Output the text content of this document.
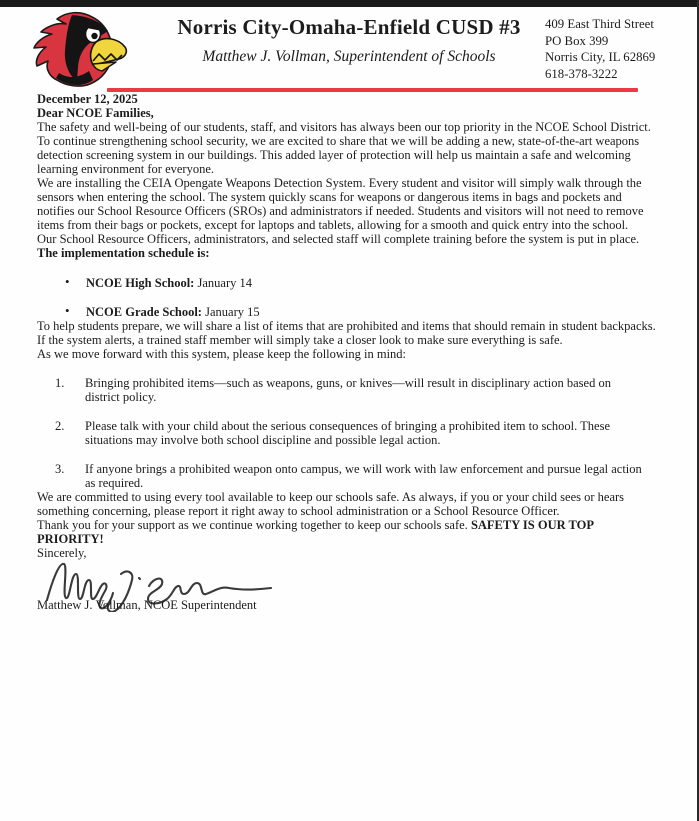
Norris City-Omaha-Enfield CUSD #3
Matthew J. Vollman, Superintendent of Schools
409 East Third Street
PO Box 399
Norris City, IL 62869
618-378-3222

December 12, 2025

Dear NCOE Families,

The safety and well-being of our students, staff, and visitors has always been our top priority in the NCOE School District. To continue strengthening school security, we are excited to share that we will be adding a new, state-of-the-art weapons detection screening system in our buildings. This added layer of protection will help us maintain a safe and welcoming learning environment for everyone.

We are installing the CEIA Opengate Weapons Detection System. Every student and visitor will simply walk through the sensors when entering the school. The system quickly scans for weapons or dangerous items in bags and pockets and notifies our School Resource Officers (SROs) and administrators if needed. Students and visitors will not need to remove items from their bags or pockets, except for laptops and tablets, allowing for a smooth and quick entry into the school.

Our School Resource Officers, administrators, and selected staff will complete training before the system is put in place. The implementation schedule is:

• NCOE High School: January 14
• NCOE Grade School: January 15

To help students prepare, we will share a list of items that are prohibited and items that should remain in student backpacks. If the system alerts, a trained staff member will simply take a closer look to make sure everything is safe.

As we move forward with this system, please keep the following in mind:

1.	Bringing prohibited items—such as weapons, guns, or knives—will result in disciplinary action based on district policy.
2.	Please talk with your child about the serious consequences of bringing a prohibited item to school. These situations may involve both school discipline and possible legal action.
3.	If anyone brings a prohibited weapon onto campus, we will work with law enforcement and pursue legal action as required.

We are committed to using every tool available to keep our schools safe. As always, if you or your child sees or hears something concerning, please report it right away to school administration or a School Resource Officer.

Thank you for your support as we continue working together to keep our schools safe. SAFETY IS OUR TOP PRIORITY!

Sincerely,

Matthew J. Vollman, NCOE Superintendent
